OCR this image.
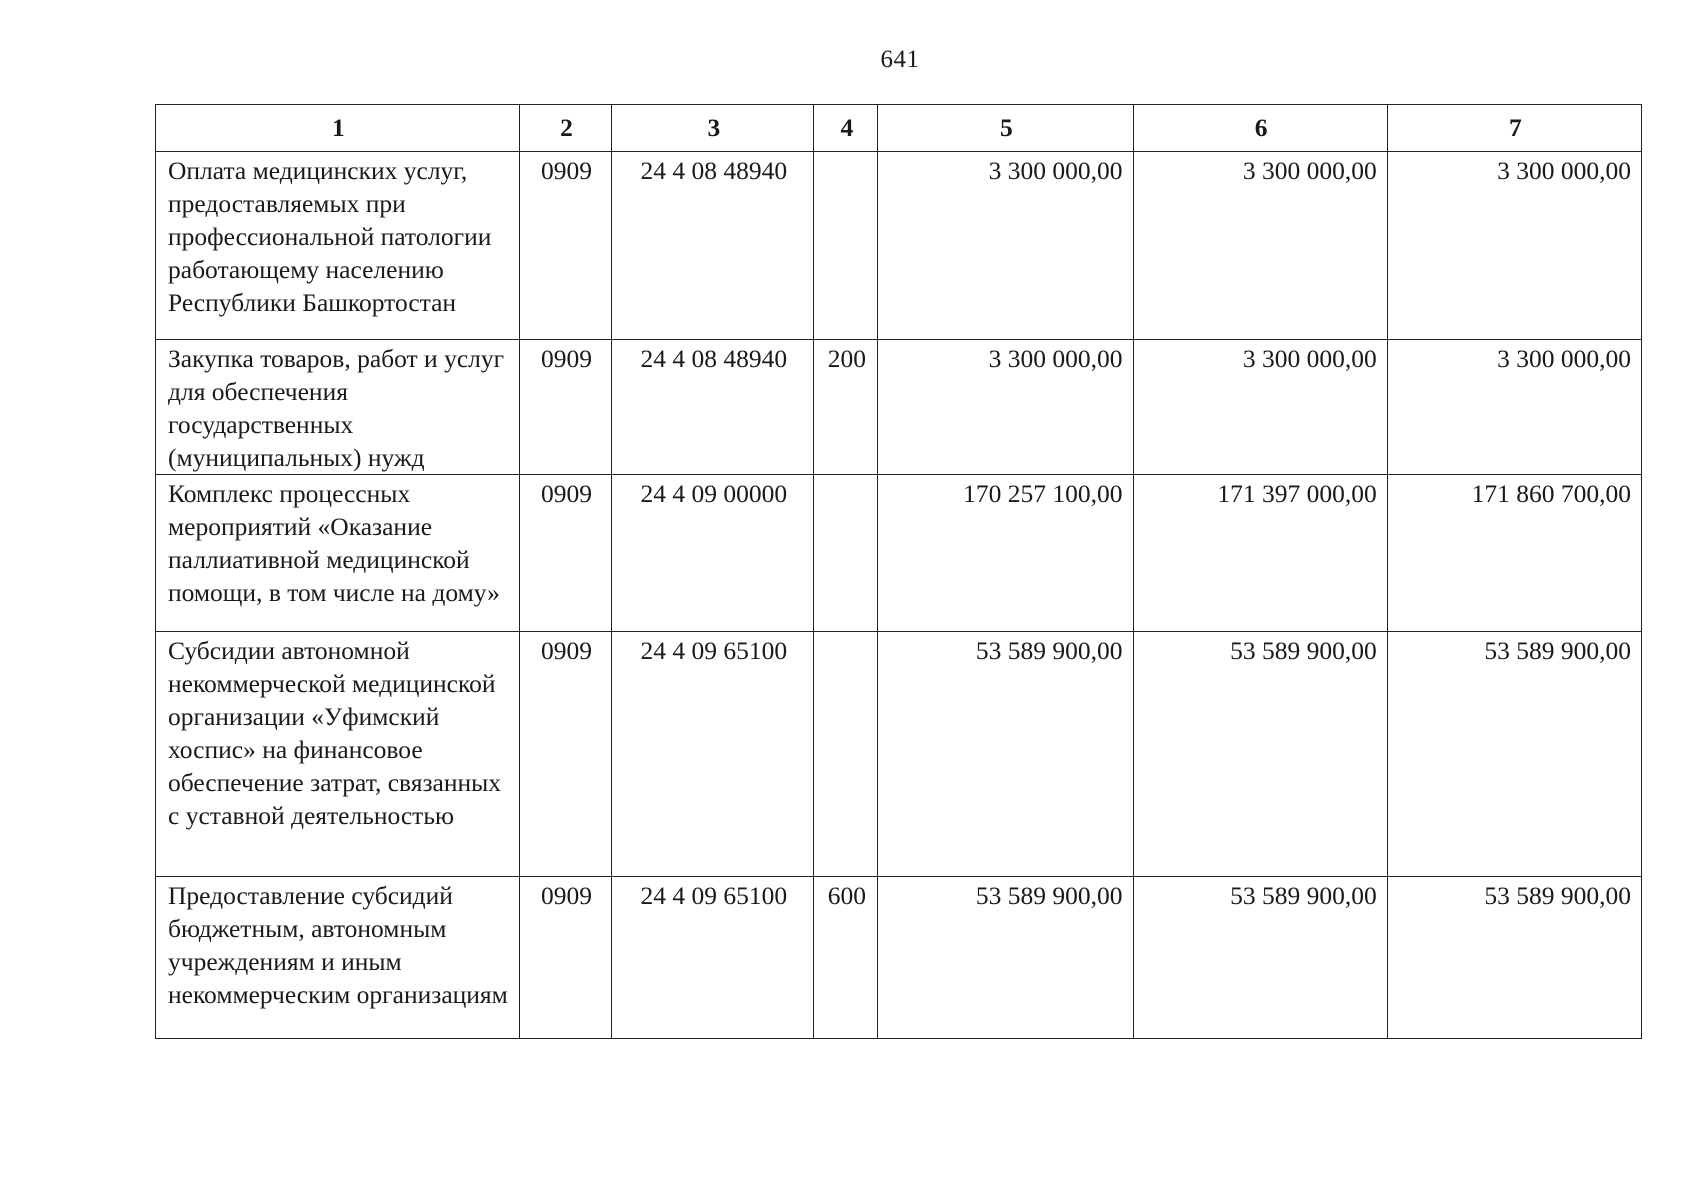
641
1	2	3	4	5	6	7
Оплата медицинских услуг, предоставляемых при профессиональной патологии работающему населению Республики Башкортостан	0909	24 4 08 48940		3 300 000,00	3 300 000,00	3 300 000,00
Закупка товаров, работ и услуг для обеспечения государственных (муниципальных) нужд	0909	24 4 08 48940	200	3 300 000,00	3 300 000,00	3 300 000,00
Комплекс процессных мероприятий «Оказание паллиативной медицинской помощи, в том числе на дому»	0909	24 4 09 00000		170 257 100,00	171 397 000,00	171 860 700,00
Субсидии автономной некоммерческой медицинской организации «Уфимский хоспис» на финансовое обеспечение затрат, связанных с уставной деятельностью	0909	24 4 09 65100		53 589 900,00	53 589 900,00	53 589 900,00
Предоставление субсидий бюджетным, автономным учреждениям и иным некоммерческим организациям	0909	24 4 09 65100	600	53 589 900,00	53 589 900,00	53 589 900,00
